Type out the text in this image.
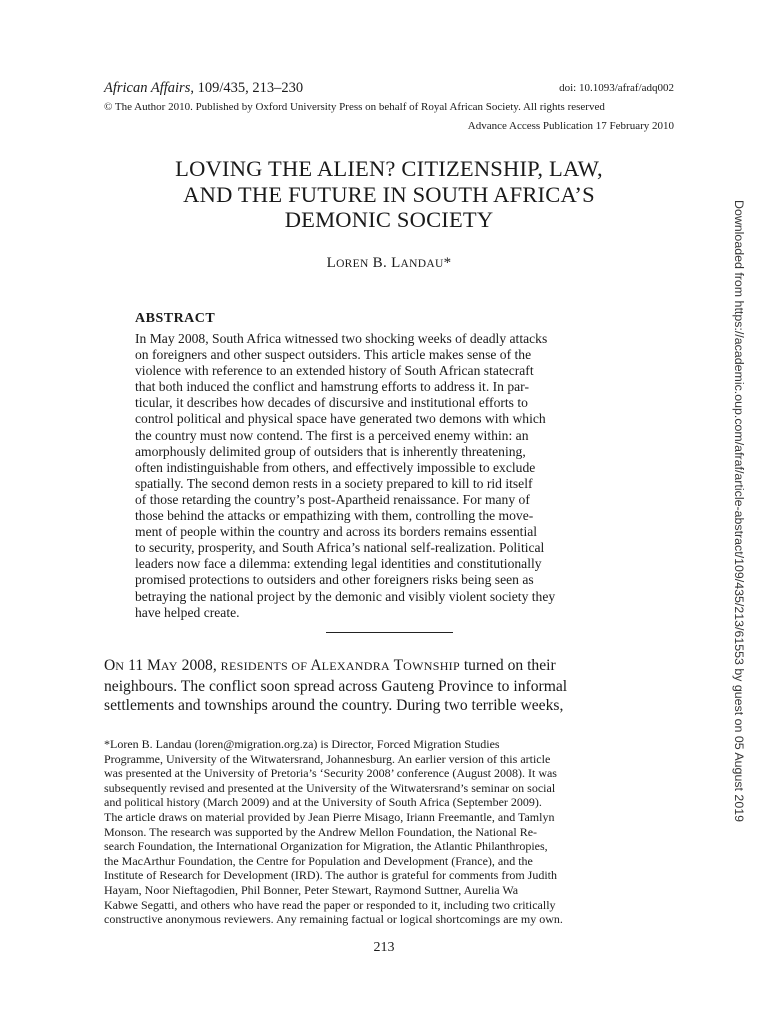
African Affairs, 109/435, 213–230	doi: 10.1093/afraf/adq002
© The Author 2010. Published by Oxford University Press on behalf of Royal African Society. All rights reserved
Advance Access Publication 17 February 2010
LOVING THE ALIEN? CITIZENSHIP, LAW,
AND THE FUTURE IN SOUTH AFRICA’S
DEMONIC SOCIETY
LOREN B. LANDAU*
ABSTRACT
In May 2008, South Africa witnessed two shocking weeks of deadly attacks
on foreigners and other suspect outsiders. This article makes sense of the
violence with reference to an extended history of South African statecraft
that both induced the conflict and hamstrung efforts to address it. In par-
ticular, it describes how decades of discursive and institutional efforts to
control political and physical space have generated two demons with which
the country must now contend. The first is a perceived enemy within: an
amorphously delimited group of outsiders that is inherently threatening,
often indistinguishable from others, and effectively impossible to exclude
spatially. The second demon rests in a society prepared to kill to rid itself
of those retarding the country’s post-Apartheid renaissance. For many of
those behind the attacks or empathizing with them, controlling the move-
ment of people within the country and across its borders remains essential
to security, prosperity, and South Africa’s national self-realization. Political
leaders now face a dilemma: extending legal identities and constitutionally
promised protections to outsiders and other foreigners risks being seen as
betraying the national project by the demonic and visibly violent society they
have helped create.
ON 11 MAY 2008, RESIDENTS OF ALEXANDRA TOWNSHIP turned on their
neighbours. The conflict soon spread across Gauteng Province to informal
settlements and townships around the country. During two terrible weeks,
*Loren B. Landau (loren@migration.org.za) is Director, Forced Migration Studies
Programme, University of the Witwatersrand, Johannesburg. An earlier version of this article
was presented at the University of Pretoria’s ‘Security 2008’ conference (August 2008). It was
subsequently revised and presented at the University of the Witwatersrand’s seminar on social
and political history (March 2009) and at the University of South Africa (September 2009).
The article draws on material provided by Jean Pierre Misago, Iriann Freemantle, and Tamlyn
Monson. The research was supported by the Andrew Mellon Foundation, the National Re-
search Foundation, the International Organization for Migration, the Atlantic Philanthropies,
the MacArthur Foundation, the Centre for Population and Development (France), and the
Institute of Research for Development (IRD). The author is grateful for comments from Judith
Hayam, Noor Nieftagodien, Phil Bonner, Peter Stewart, Raymond Suttner, Aurelia Wa
Kabwe Segatti, and others who have read the paper or responded to it, including two critically
constructive anonymous reviewers. Any remaining factual or logical shortcomings are my own.
213
Downloaded from https://academic.oup.com/afraf/article-abstract/109/435/213/61553 by guest on 05 August 2019
